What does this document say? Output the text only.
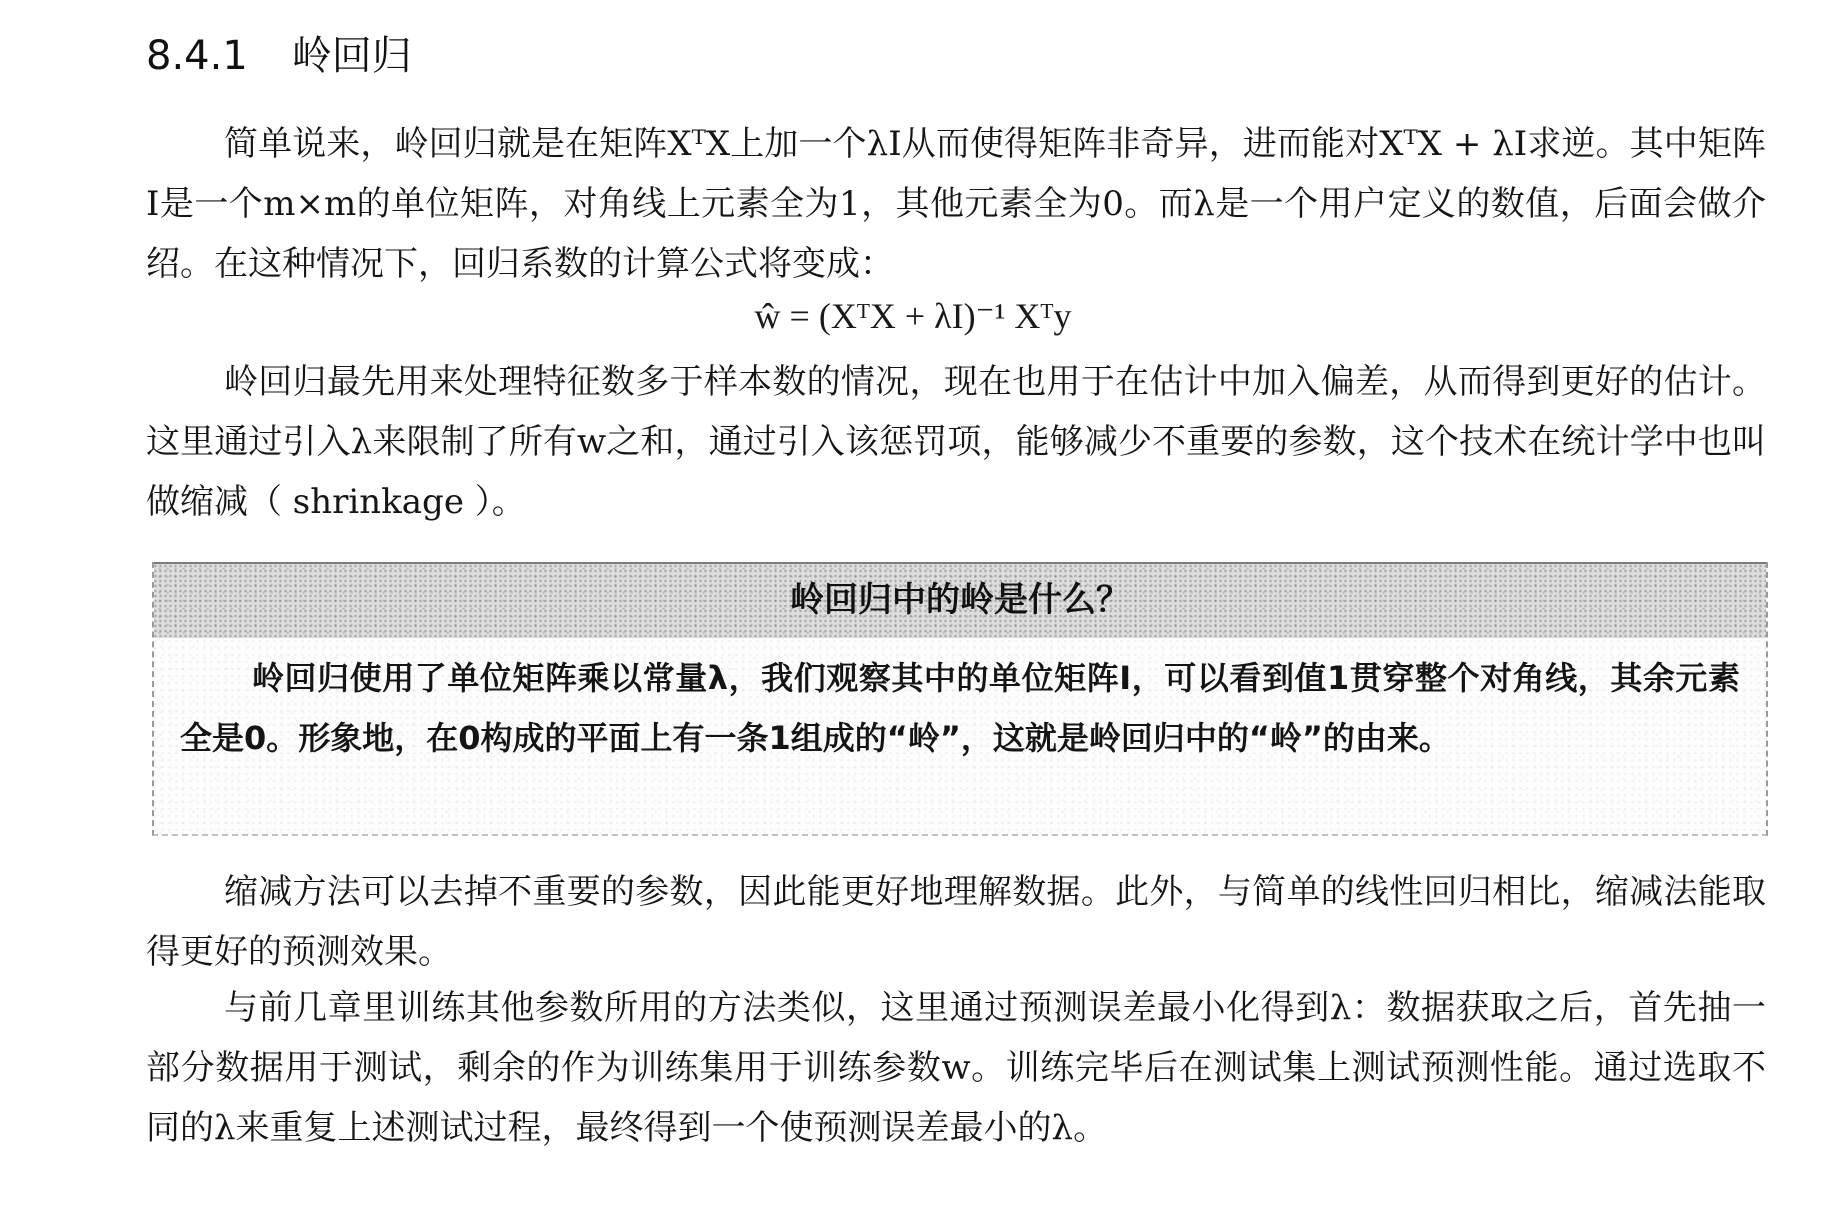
8.4.1 岭回归

简单说来，岭回归就是在矩阵XᵀX上加一个λI从而使得矩阵非奇异，进而能对XᵀX + λI求逆。其中矩阵I是一个m×m的单位矩阵，对角线上元素全为1，其他元素全为0。而λ是一个用户定义的数值，后面会做介绍。在这种情况下，回归系数的计算公式将变成：

ŵ = (XᵀX + λI)⁻¹ Xᵀy

岭回归最先用来处理特征数多于样本数的情况，现在也用于在估计中加入偏差，从而得到更好的估计。这里通过引入λ来限制了所有w之和，通过引入该惩罚项，能够减少不重要的参数，这个技术在统计学中也叫做缩减（ shrinkage ）。

岭回归中的岭是什么？

岭回归使用了单位矩阵乘以常量λ，我们观察其中的单位矩阵I，可以看到值1贯穿整个对角线，其余元素全是0。形象地，在0构成的平面上有一条1组成的“岭”，这就是岭回归中的“岭”的由来。

缩减方法可以去掉不重要的参数，因此能更好地理解数据。此外，与简单的线性回归相比，缩减法能取得更好的预测效果。

与前几章里训练其他参数所用的方法类似，这里通过预测误差最小化得到λ：数据获取之后，首先抽一部分数据用于测试，剩余的作为训练集用于训练参数w。训练完毕后在测试集上测试预测性能。通过选取不同的λ来重复上述测试过程，最终得到一个使预测误差最小的λ。
